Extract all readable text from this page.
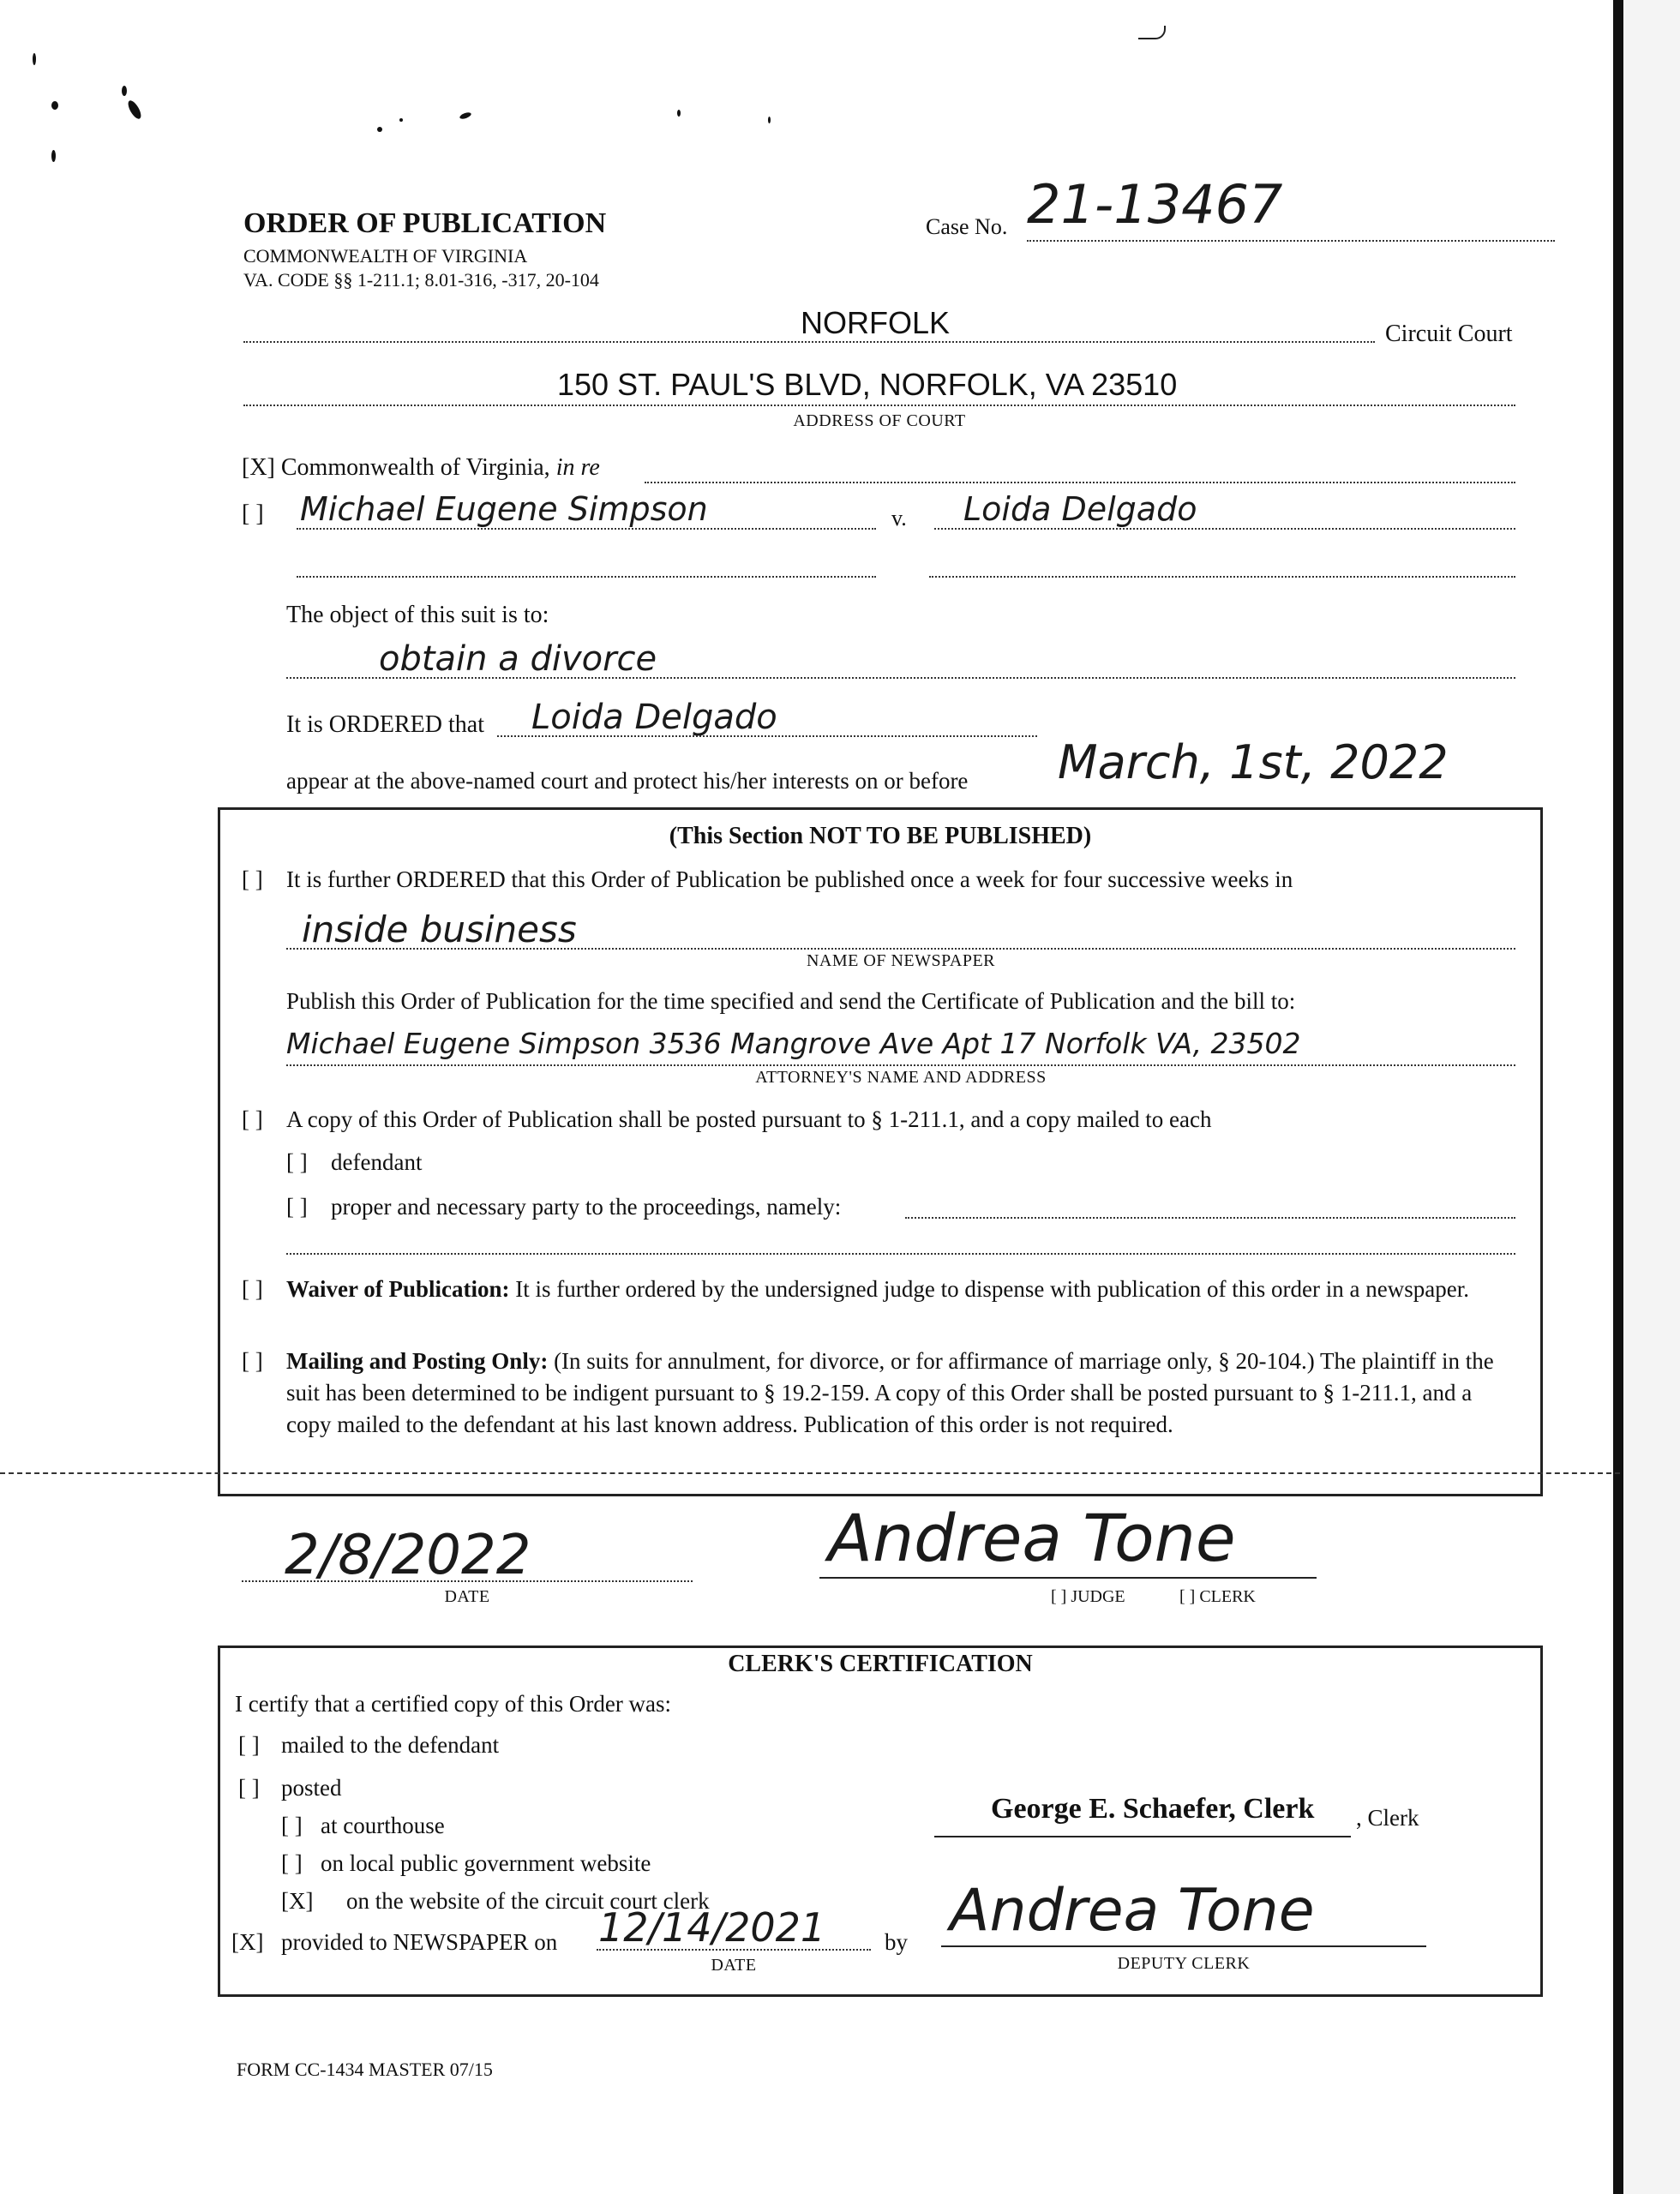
ORDER OF PUBLICATION
COMMONWEALTH OF VIRGINIA
VA. CODE §§ 1-211.1; 8.01-316, -317, 20-104
Case No. 21-13467
NORFOLK	Circuit Court
150 ST. PAUL'S BLVD, NORFOLK, VA 23510
ADDRESS OF COURT
[X] Commonwealth of Virginia, in re
[ ] Michael Eugene Simpson	v. Loida Delgado
The object of this suit is to:
obtain a divorce
It is ORDERED that Loida Delgado
appear at the above-named court and protect his/her interests on or before March, 1st, 2022
(This Section NOT TO BE PUBLISHED)
[ ] It is further ORDERED that this Order of Publication be published once a week for four successive weeks in
inside business
NAME OF NEWSPAPER
Publish this Order of Publication for the time specified and send the Certificate of Publication and the bill to:
Michael Eugene Simpson 3536 Mangrove Ave Apt 17 Norfolk VA, 23502
ATTORNEY'S NAME AND ADDRESS
[ ] A copy of this Order of Publication shall be posted pursuant to § 1-211.1, and a copy mailed to each
[ ] defendant
[ ] proper and necessary party to the proceedings, namely:
[ ] Waiver of Publication: It is further ordered by the undersigned judge to dispense with publication of this order in a newspaper.
[ ] Mailing and Posting Only: (In suits for annulment, for divorce, or for affirmance of marriage only, § 20-104.) The plaintiff in the suit has been determined to be indigent pursuant to § 19.2-159. A copy of this Order shall be posted pursuant to § 1-211.1, and a copy mailed to the defendant at his last known address. Publication of this order is not required.
2/8/2022
DATE
Andrea Tone
[ ] JUDGE	[ ] CLERK
CLERK'S CERTIFICATION
I certify that a certified copy of this Order was:
[ ] mailed to the defendant
[ ] posted
[ ] at courthouse
[ ] on local public government website
[X] on the website of the circuit court clerk
[X] provided to NEWSPAPER on 12/14/2021
DATE
by
George E. Schaefer, Clerk , Clerk
Andrea Tone
DEPUTY CLERK
FORM CC-1434 MASTER 07/15
